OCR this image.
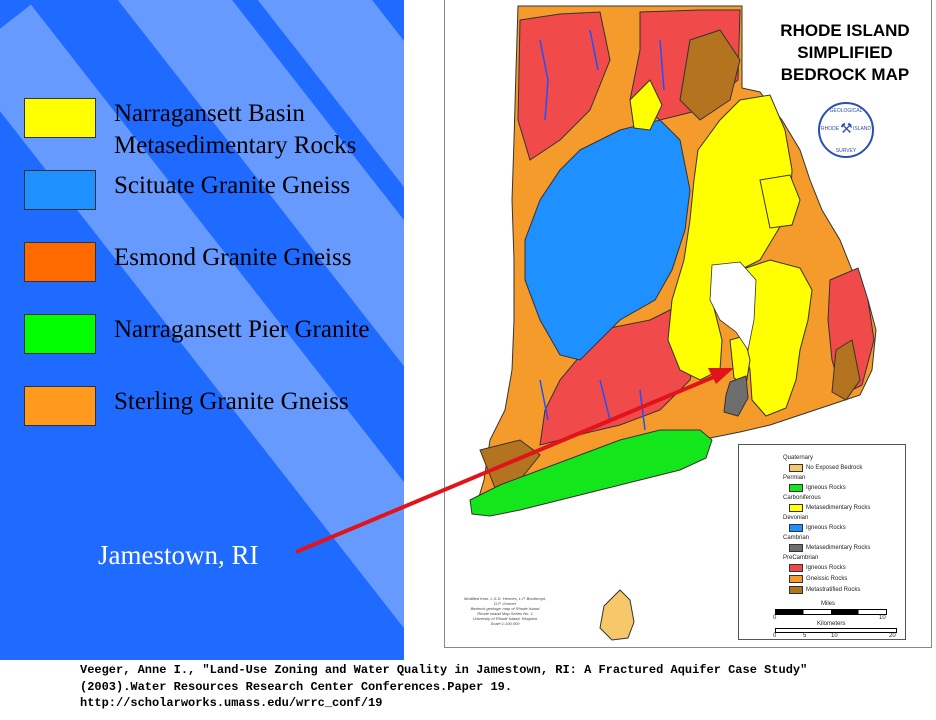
Narragansett Basin
Metasedimentary Rocks
Scituate Granite Gneiss
Esmond Granite Gneiss
Narragansett Pier Granite
Sterling Granite Gneiss
RHODE ISLAND
SIMPLIFIED
BEDROCK MAP
GEOLOGICAL
SURVEY
RHODE	ISLAND
⚒
Quaternary
No Exposed Bedrock
Permian
Igneous Rocks
Carboniferous
Metasedimentary Rocks
Devonian
Igneous Rocks
Cambrian
Metasedimentary Rocks
PreCambrian
Igneous Rocks
Gneissic Rocks
Metastratified Rocks
Miles
0	10
Kilometers
0	5	10	20
Modified from: L.S.D. Hermes, L.P. Boothroyd, D.P. Gromet
Bedrock geologic map of Rhode Island
Rhode Island Map Series No. 1
University of Rhode Island, Kingston
Scale 1:100,000
Jamestown, RI
Veeger, Anne I., "Land-Use Zoning and Water Quality in Jamestown, RI: A Fractured Aquifer Case Study"
(2003).Water Resources Research Center Conferences.Paper 19.
http://scholarworks.umass.edu/wrrc_conf/19
